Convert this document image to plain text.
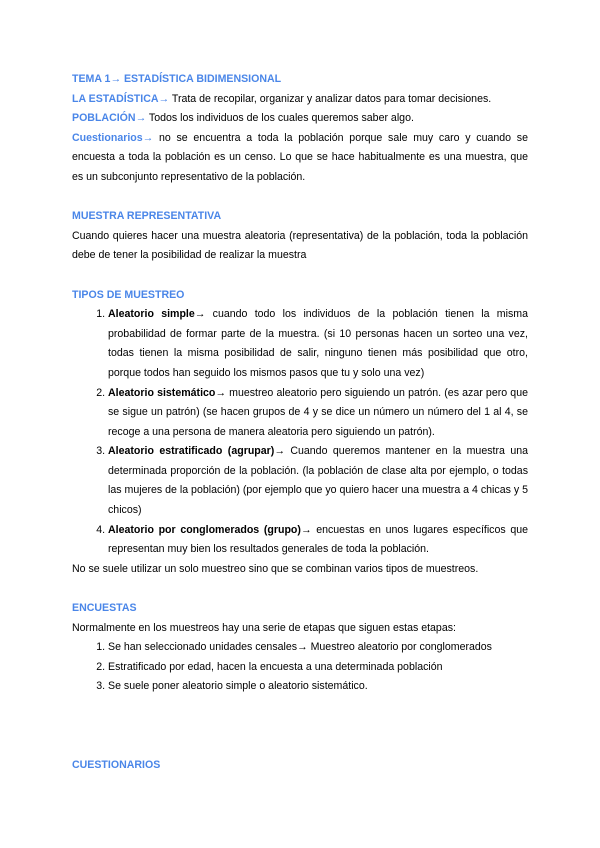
TEMA 1→ ESTADÍSTICA BIDIMENSIONAL

LA ESTADÍSTICA→ Trata de recopilar, organizar y analizar datos para tomar decisiones.

POBLACIÓN→ Todos los individuos de los cuales queremos saber algo.

Cuestionarios→ no se encuentra a toda la población porque sale muy caro y cuando se encuesta a toda la población es un censo. Lo que se hace habitualmente es una muestra, que es un subconjunto representativo de la población.

MUESTRA REPRESENTATIVA

Cuando quieres hacer una muestra aleatoria (representativa) de la población, toda la población debe de tener la posibilidad de realizar la muestra

TIPOS DE MUESTREO

1. Aleatorio simple→ cuando todo los individuos de la población tienen la misma probabilidad de formar parte de la muestra. (si 10 personas hacen un sorteo una vez, todas tienen la misma posibilidad de salir, ninguno tienen más posibilidad que otro, porque todos han seguido los mismos pasos que tu y solo una vez)
2. Aleatorio sistemático→ muestreo aleatorio pero siguiendo un patrón. (es azar pero que se sigue un patrón) (se hacen grupos de 4 y se dice un número un número del 1 al 4, se recoge a una persona de manera aleatoria pero siguiendo un patrón).
3. Aleatorio estratificado (agrupar)→ Cuando queremos mantener en la muestra una determinada proporción de la población. (la población de clase alta por ejemplo, o todas las mujeres de la población) (por ejemplo que yo quiero hacer una muestra a 4 chicas y 5 chicos)
4. Aleatorio por conglomerados (grupo)→ encuestas en unos lugares específicos que representan muy bien los resultados generales de toda la población.

No se suele utilizar un solo muestreo sino que se combinan varios tipos de muestreos.

ENCUESTAS

Normalmente en los muestreos hay una serie de etapas que siguen estas etapas:

1. Se han seleccionado unidades censales→ Muestreo aleatorio por conglomerados
2. Estratificado por edad, hacen la encuesta a una determinada población
3. Se suele poner aleatorio simple o aleatorio sistemático.

CUESTIONARIOS
